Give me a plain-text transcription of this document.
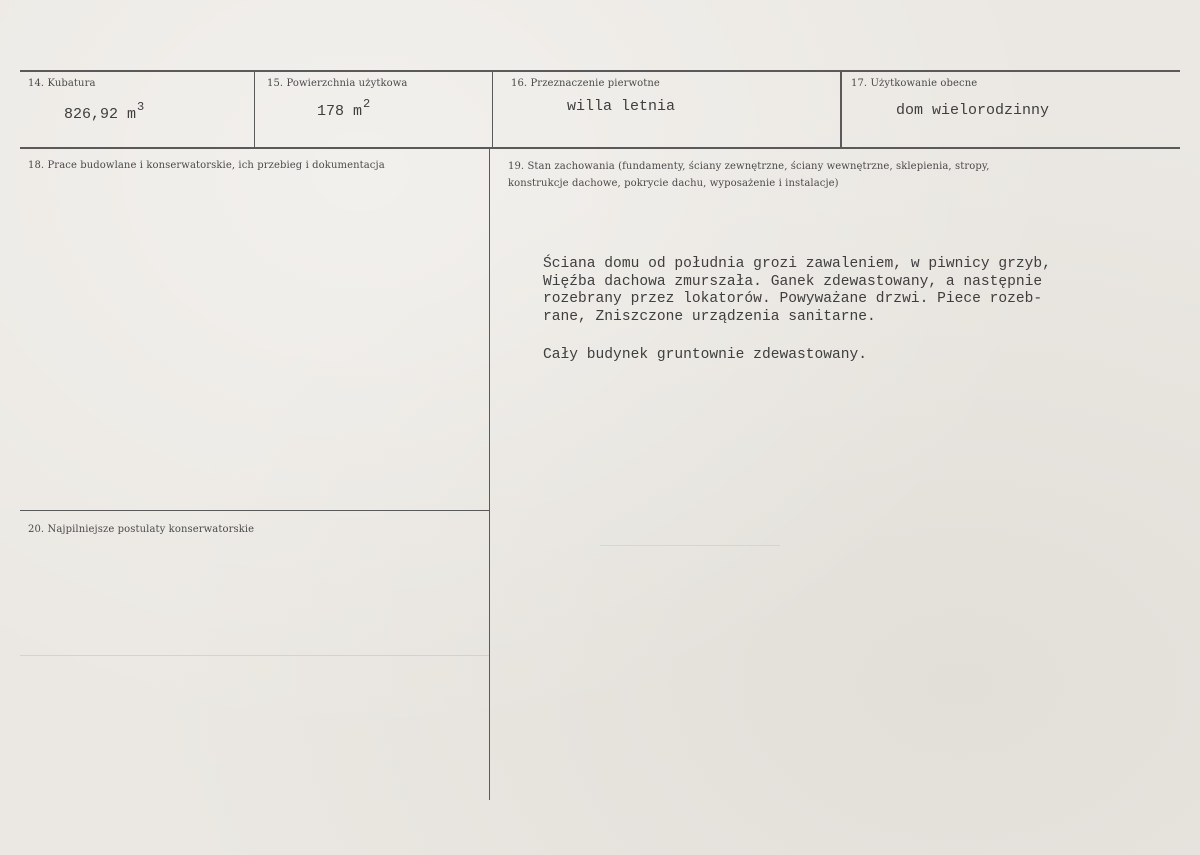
14. Kubatura
826,92 $m^3$
15. Powierzchnia użytkowa
178 $m^2$
16. Przeznaczenie pierwotne
willa letnia
17. Użytkowanie obecne
dom wielorodzinny
18. Prace budowlane i konserwatorskie, ich przebieg i dokumentacja	19. Stan zachowania (fundamenty, ściany zewnętrzne, ściany wewnętrzne, sklepienia, stropy,
konstrukcje dachowe, pokrycie dachu, wyposażenie i instalacje)
Ściana domu od południa grozi zawaleniem, w piwnicy grzyb,
Więźba dachowa zmurszała. Ganek zdewastowany, a następnie
rozebrany przez lokatorów. Powyważane drzwi. Piece rozeb-
rane, Zniszczone urządzenia sanitarne.
Cały budynek gruntownie zdewastowany.
20. Najpilniejsze postulaty konserwatorskie
